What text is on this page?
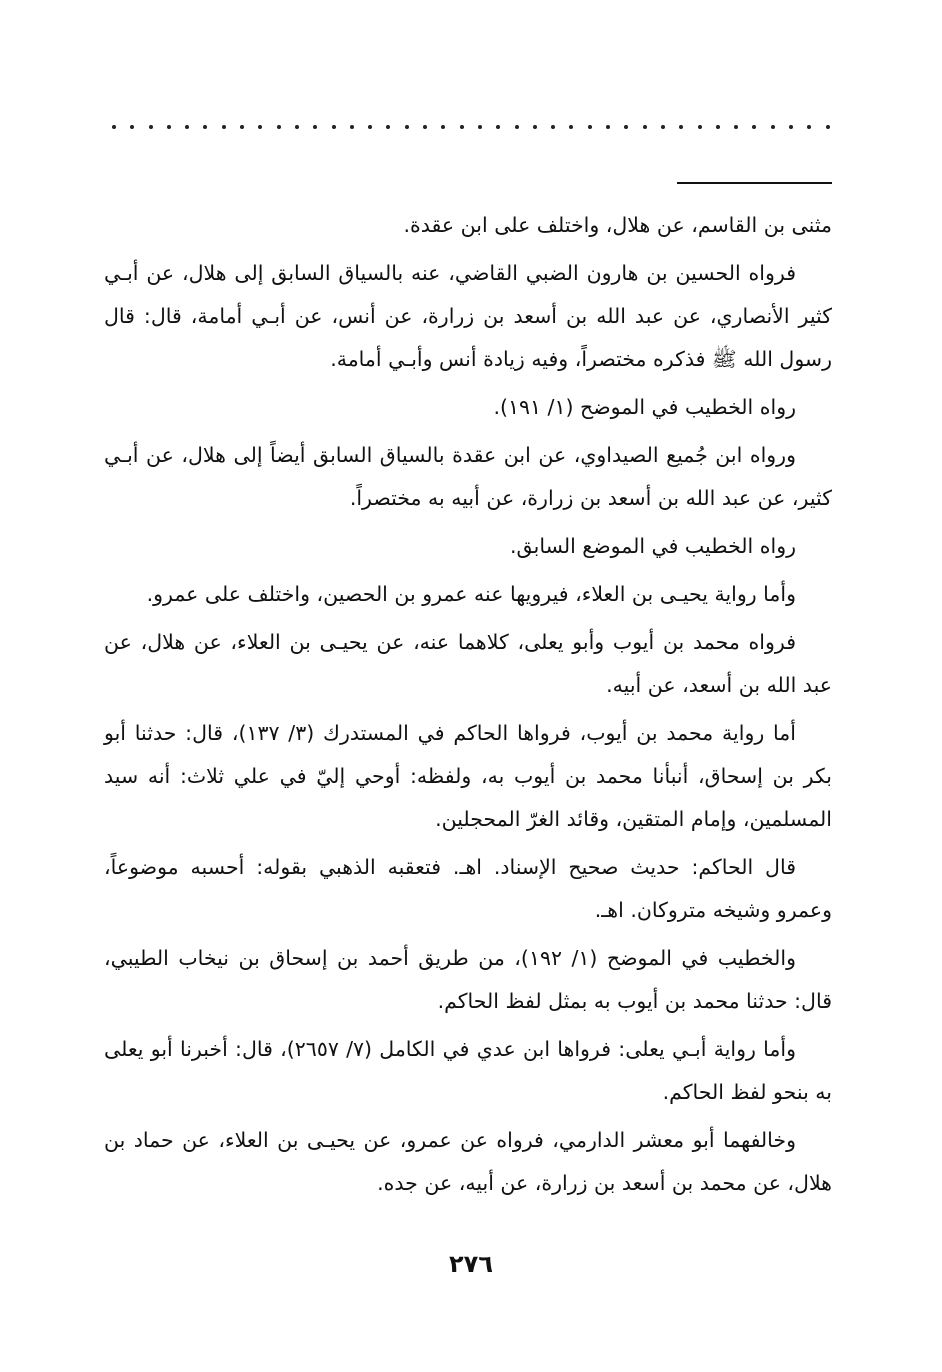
مثنى بن القاسم، عن هلال، واختلف على ابن عقدة.

فرواه الحسين بن هارون الضبي القاضي، عنه بالسياق السابق إلى هلال، عن أبـي كثير الأنصاري، عن عبد الله بن أسعد بن زرارة، عن أنس، عن أبـي أمامة، قال: قال رسول الله ﷺ فذكره مختصراً، وفيه زيادة أنس وأبـي أمامة.

رواه الخطيب في الموضح (١/ ١٩١).

ورواه ابن جُميع الصيداوي، عن ابن عقدة بالسياق السابق أيضاً إلى هلال، عن أبـي كثير، عن عبد الله بن أسعد بن زرارة، عن أبيه به مختصراً.

رواه الخطيب في الموضع السابق.

وأما رواية يحيـى بن العلاء، فيرويها عنه عمرو بن الحصين، واختلف على عمرو.

فرواه محمد بن أيوب وأبو يعلى، كلاهما عنه، عن يحيـى بن العلاء، عن هلال، عن عبد الله بن أسعد، عن أبيه.

أما رواية محمد بن أيوب، فرواها الحاكم في المستدرك (٣/ ١٣٧)، قال: حدثنا أبو بكر بن إسحاق، أنبأنا محمد بن أيوب به، ولفظه: أوحي إليّ في علي ثلاث: أنه سيد المسلمين، وإمام المتقين، وقائد الغرّ المحجلين.

قال الحاكم: حديث صحيح الإسناد. اهـ. فتعقبه الذهبي بقوله: أحسبه موضوعاً، وعمرو وشيخه متروكان. اهـ.

والخطيب في الموضح (١/ ١٩٢)، من طريق أحمد بن إسحاق بن نيخاب الطيبي، قال: حدثنا محمد بن أيوب به بمثل لفظ الحاكم.

وأما رواية أبـي يعلى: فرواها ابن عدي في الكامل (٧/ ٢٦٥٧)، قال: أخبرنا أبو يعلى به بنحو لفظ الحاكم.

وخالفهما أبو معشر الدارمي، فرواه عن عمرو، عن يحيـى بن العلاء، عن حماد بن هلال، عن محمد بن أسعد بن زرارة، عن أبيه، عن جده.

٢٧٦
